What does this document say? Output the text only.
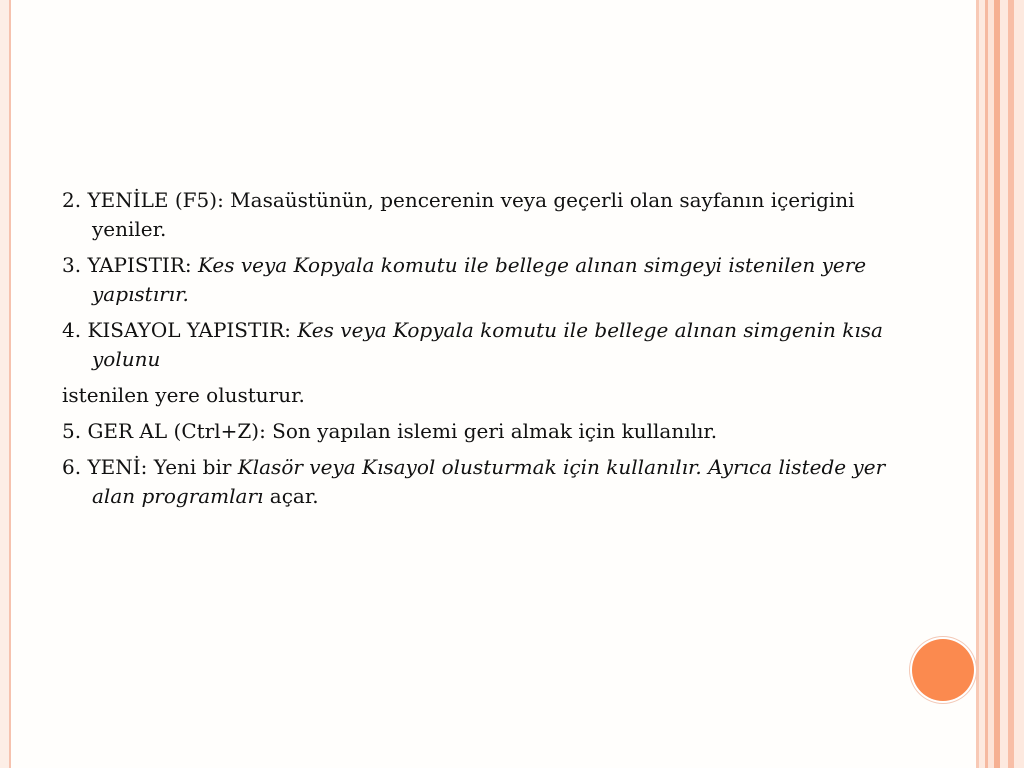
2. YENİLE (F5): Masaüstünün, pencerenin veya geçerli olan sayfanın içerigini yeniler.

3. YAPISTIR: Kes veya Kopyala komutu ile bellege alınan simgeyi istenilen yere yapıstırır.

4. KISAYOL YAPISTIR: Kes veya Kopyala komutu ile bellege alınan simgenin kısa yolunu

istenilen yere olusturur.

5. GER AL (Ctrl+Z): Son yapılan islemi geri almak için kullanılır.

6. YENİ: Yeni bir Klasör veya Kısayol olusturmak için kullanılır. Ayrıca listede yer alan programları açar.
